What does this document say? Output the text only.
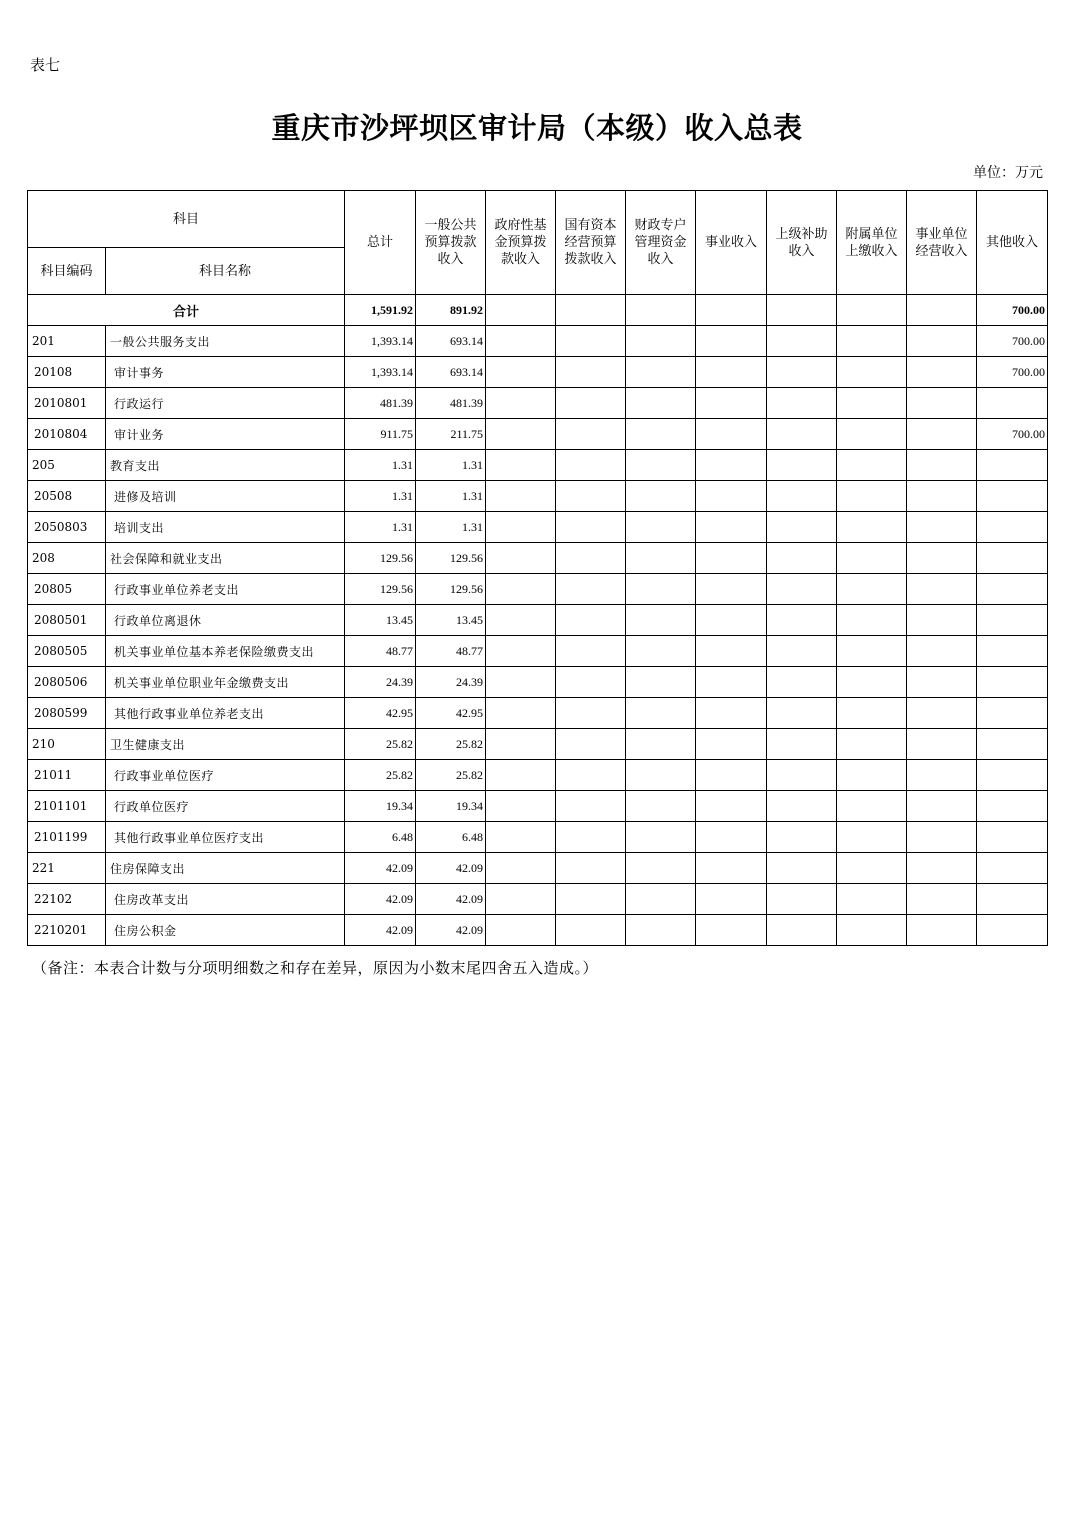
表七
重庆市沙坪坝区审计局（本级）收入总表
单位：万元
科目		总计	一般公共预算拨款收入	政府性基金预算拨款收入	国有资本经营预算拨款收入	财政专户管理资金收入	事业收入	上级补助收入	附属单位上缴收入	事业单位经营收入	其他收入
科目编码	科目名称										
合计		1,591.92	891.92								700.00
201	一般公共服务支出	1,393.14	693.14								700.00
20108	审计事务	1,393.14	693.14								700.00
2010801	行政运行	481.39	481.39								
2010804	审计业务	911.75	211.75								700.00
205	教育支出	1.31	1.31								
20508	进修及培训	1.31	1.31								
2050803	培训支出	1.31	1.31								
208	社会保障和就业支出	129.56	129.56								
20805	行政事业单位养老支出	129.56	129.56								
2080501	行政单位离退休	13.45	13.45								
2080505	机关事业单位基本养老保险缴费支出	48.77	48.77								
2080506	机关事业单位职业年金缴费支出	24.39	24.39								
2080599	其他行政事业单位养老支出	42.95	42.95								
210	卫生健康支出	25.82	25.82								
21011	行政事业单位医疗	25.82	25.82								
2101101	行政单位医疗	19.34	19.34								
2101199	其他行政事业单位医疗支出	6.48	6.48								
221	住房保障支出	42.09	42.09								
22102	住房改革支出	42.09	42.09								
2210201	住房公积金	42.09	42.09								
（备注：本表合计数与分项明细数之和存在差异，原因为小数末尾四舍五入造成。）
